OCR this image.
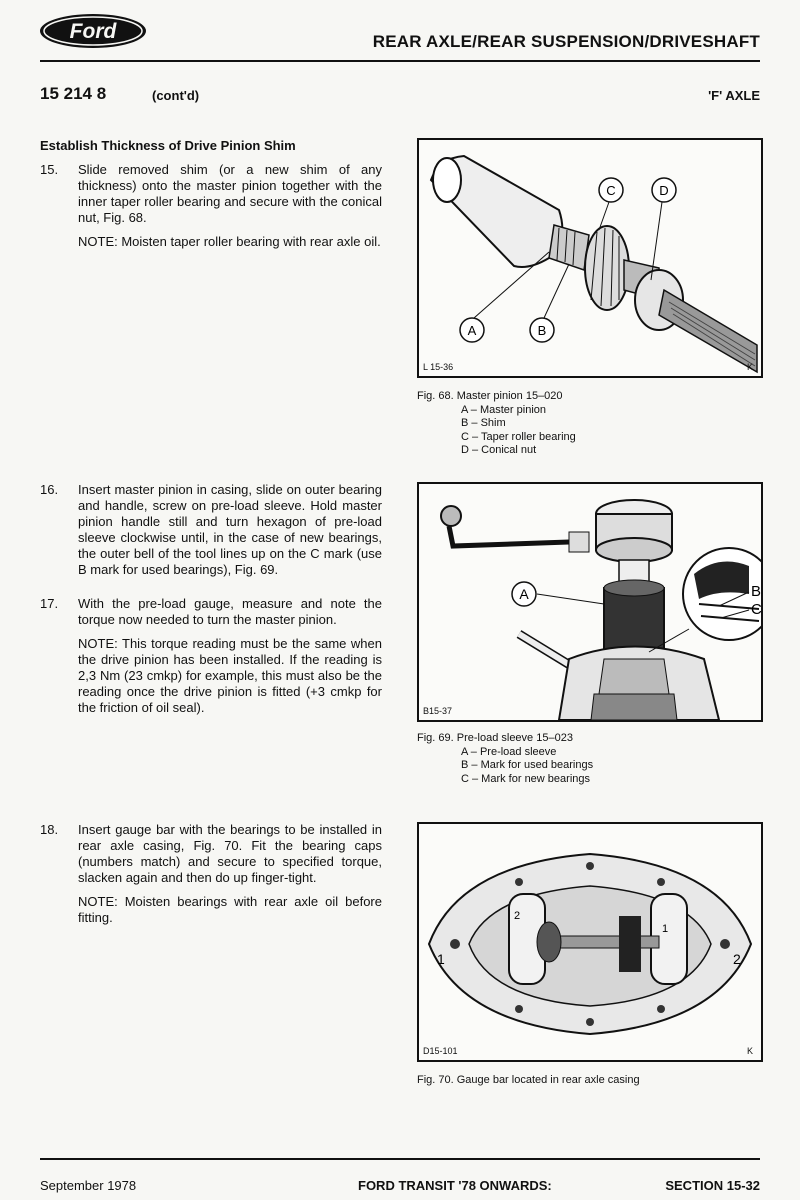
Ford	REAR AXLE/REAR SUSPENSION/DRIVESHAFT
15 214 8	(cont'd)	'F' AXLE
Establish Thickness of Drive Pinion Shim
15. Slide removed shim (or a new shim of any thickness) onto the master pinion together with the inner taper roller bearing and secure with the conical nut, Fig. 68.
NOTE: Moisten taper roller bearing with rear axle oil.
16. Insert master pinion in casing, slide on outer bearing and handle, screw on pre-load sleeve. Hold master pinion handle still and turn hexagon of pre-load sleeve clockwise until, in the case of new bearings, the outer bell of the tool lines up on the C mark (use B mark for used bearings), Fig. 69.
17. With the pre-load gauge, measure and note the torque now needed to turn the master pinion.
NOTE: This torque reading must be the same when the drive pinion has been installed. If the reading is 2,3 Nm (23 cmkp) for example, this must also be the reading once the drive pinion is fitted (+3 cmkp for the friction of oil seal).
18. Insert gauge bar with the bearings to be installed in rear axle casing, Fig. 70. Fit the bearing caps (numbers match) and secure to specified torque, slacken again and then do up finger-tight.
NOTE: Moisten bearings with rear axle oil before fitting.
A	B
C	D
L 15-36	K
Fig. 68. Master pinion 15–020
A – Master pinion
B – Shim
C – Taper roller bearing
D – Conical nut
A	B
C
B15-37
Fig. 69. Pre-load sleeve 15–023
A – Pre-load sleeve
B – Mark for used bearings
C – Mark for new bearings
1
2
1
2
D15-101	K
Fig. 70. Gauge bar located in rear axle casing
September 1978	FORD TRANSIT '78 ONWARDS:	SECTION 15-32
